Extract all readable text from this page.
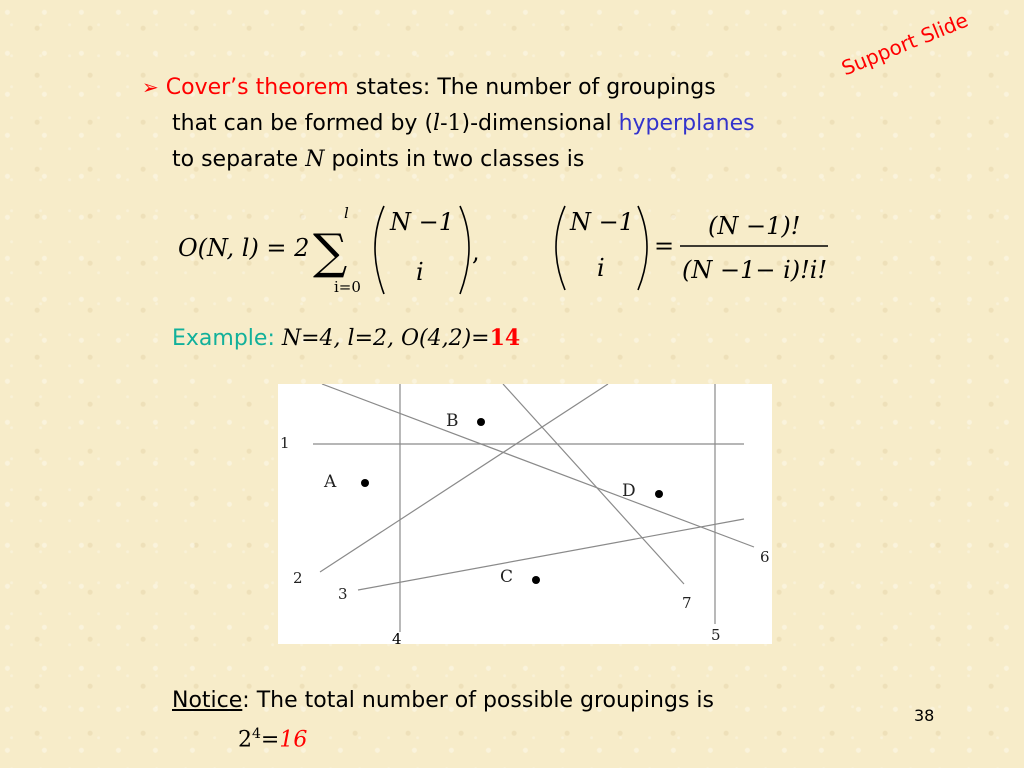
Support Slide
➢ Cover’s theorem states: The number of groupings
that can be formed by (l-1)-dimensional hyperplanes
to separate N points in two classes is
O(N, l) = 2 ∑
l
i=0
N −1
i
,
N −1
i
=
(N −1)!
(N −1− i)!i!
Example: N=4, l=2, O(4,2)=14
B
A	D
C
1
2
3
6
7
5
4
Notice: The total number of possible groupings is
$2^4=16$
38
